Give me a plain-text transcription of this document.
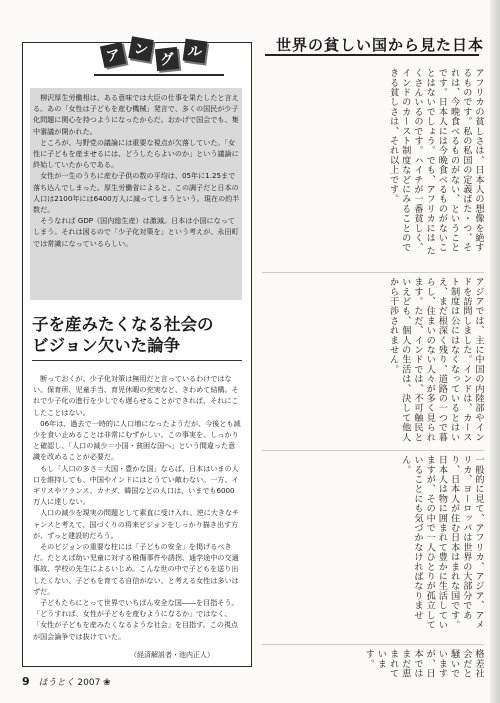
ア ン
グ ル

柳沢厚生労働相は、ある意味では大臣の仕事を果たしたと言える。あの「女性は子どもを産む機械」発言で、多くの国民が少子化問題に関心を持つようになったからだ。おかげで国会でも、集中審議が開かれた。

ところが、与野党の議論には重要な視点が欠落していた。「女性に子どもを産ませるには、どうしたらよいのか」という議論に終始していたからである。

女性が一生のうちに産む子供の数の平均は、05年に1.25まで落ち込んでしまった。厚生労働省によると、この調子だと日本の人口は2100年には6400万人に減ってしまうという。現在の約半数だ。

そうなれば GDP（国内総生産）は激減。日本は小国になってしまう。それは困るので「少子化対策を」という考えが、永田町では常識になっているらしい。

子を産みたくなる社会の
ビジョン欠いた論争

断っておくが、少子化対策は無用だと言っているわけではない。保育所、児童手当、育児休暇の充実など、きわめて結構。それで少子化の進行を少しでも遅らせることができれば、それにこしたことはない。

06年は、過去で一時的に人口増になったようだが、今後とも減少を食い止めることは非常にむずかしい。この事実を、しっかりと確認し、「人口の減少＝小国・貧困な国へ」という間違った意識を改めることが必要だ。

もし「人口の多さ＝大国・豊かな国」ならば、日本はいまの人口を維持しても、中国やインドにはとうてい敵わない。一方、イギリスやフランス、カナダ、韓国などの人口は、いまでも6000万人に達しない。

人口の減少を現実の問題として素直に受け入れ、逆に大きなチャンスと考えて、国づくりの将来ビジョンをしっかり描き出す方が、ずっと建設的だろう。

そのビジョンの重要な柱には「子どもの安全」を掲げるべきだ。たとえば幼い児童に対する稚傷事件や誘拐、通学途中の交通事故、学校の先生によるいじめ。こんな世の中で子どもを送り出したくない、子どもを育てる自信がない、と考える女性は多いはずだ。

子どもたちにとって世界でいちばん安全な国――を目指そう。「どうすれば、女性が子どもを産むようになるか」ではなく、「女性が子どもを産みたくなるような社会」を目指す。この視点が国会論争では抜けていた。

（経済解説者・池内正人）
世界の貧しい国から見た日本
アフリカの貧しさは、日本人の想像を絶するものです。私の私国の定義ばた・つ、それは、今晩食べるものがない、ということです。日本人には今晩食べるものがないことはないでしょう。でも、アフリカには たくさんいるのです。ハイチが一番貧しく、インドのカースト制度などにみることのできる貧しさは、それ以上です。
アジアでは、主に中国の内陸部やインドを訪問しました。インドは、カースト制度は公にはなくなっているとはいえ、まだ根深く残り、道路の一つで暮らし、住まいのない人々が多く見られます。ただ、インドでは、不可触民といえども、個人の生活は、決して他人から干渉されません。
一般的に見て、アフリカ、アジア、アメリカ、ヨーロッパは世界の大部分であり、日本人が住む日本はまれな国です。日本人は物に囲まれて豊かに生活していますが、その中で一人ひとりが孤立していることにも気づかなければなりません。
格差社会だと騒いでいますが、日本ではまだ恵まれています。
9 ほうとく 2007 ❀
